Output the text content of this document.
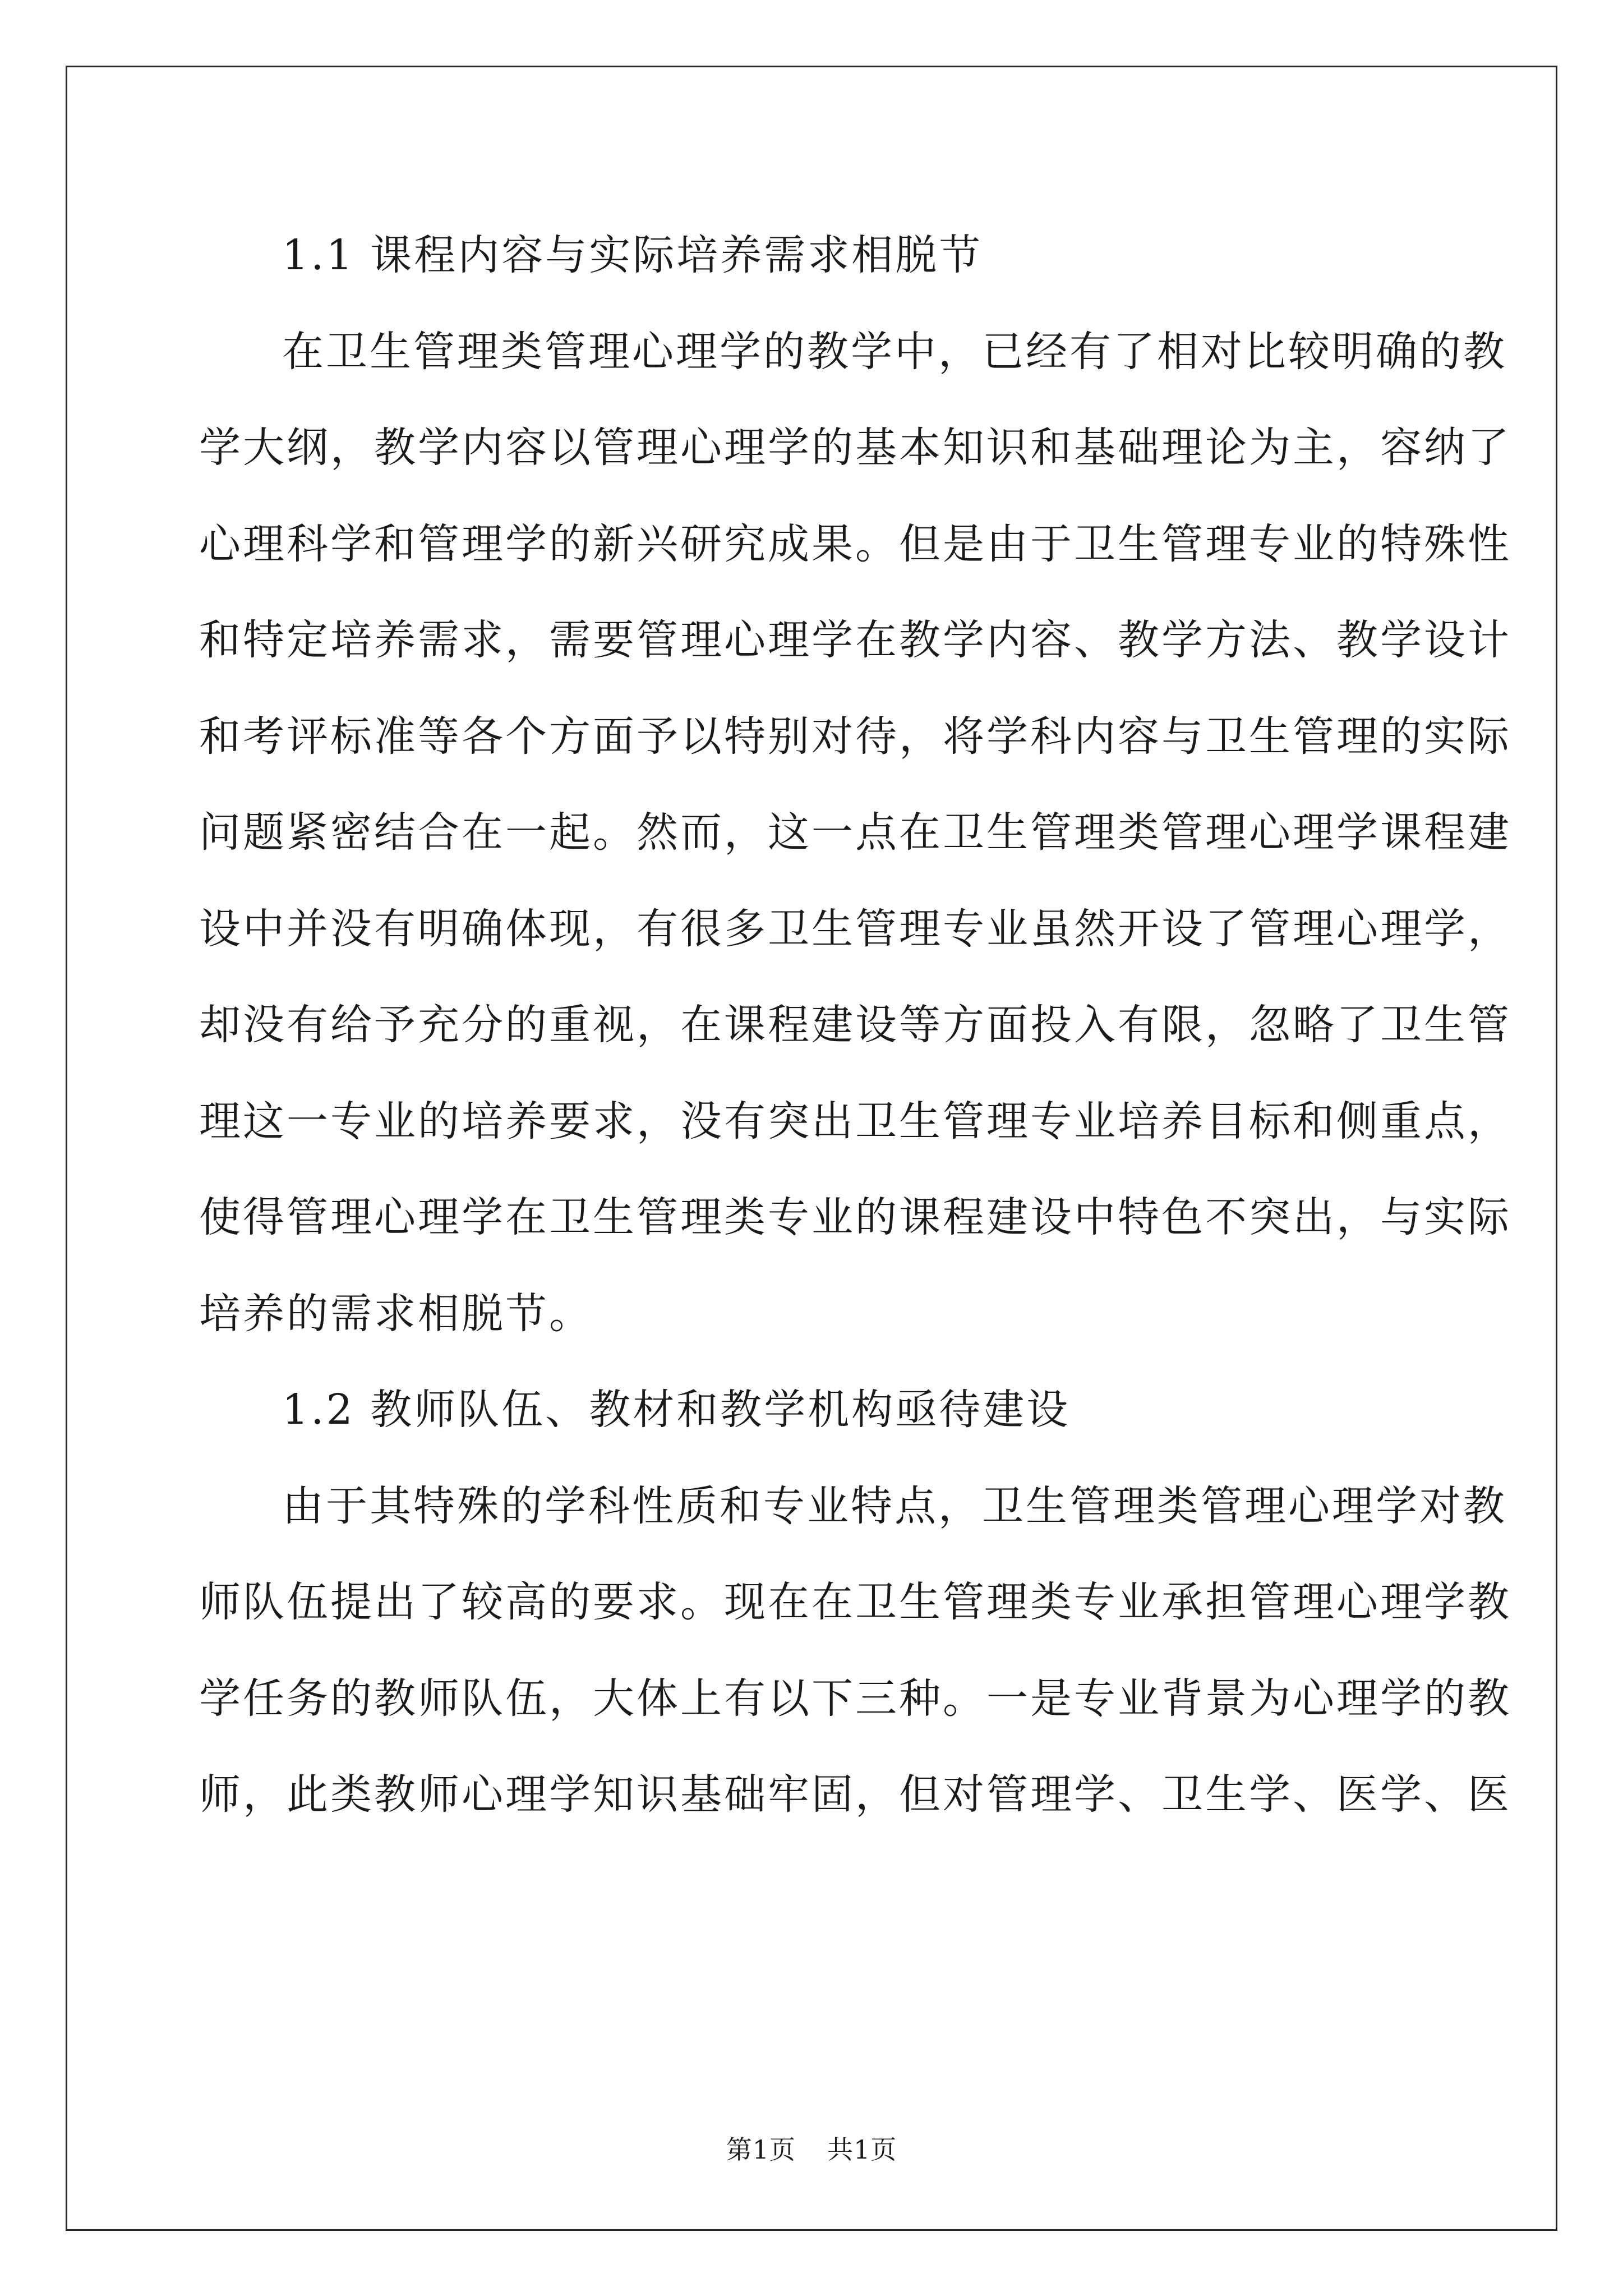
1.1 课程内容与实际培养需求相脱节
在卫生管理类管理心理学的教学中，已经有了相对比较明确的教
学大纲，教学内容以管理心理学的基本知识和基础理论为主，容纳了
心理科学和管理学的新兴研究成果。但是由于卫生管理专业的特殊性
和特定培养需求，需要管理心理学在教学内容、教学方法、教学设计
和考评标准等各个方面予以特别对待，将学科内容与卫生管理的实际
问题紧密结合在一起。然而，这一点在卫生管理类管理心理学课程建
设中并没有明确体现，有很多卫生管理专业虽然开设了管理心理学，
却没有给予充分的重视，在课程建设等方面投入有限，忽略了卫生管
理这一专业的培养要求，没有突出卫生管理专业培养目标和侧重点，
使得管理心理学在卫生管理类专业的课程建设中特色不突出，与实际
培养的需求相脱节。
1.2 教师队伍、教材和教学机构亟待建设
由于其特殊的学科性质和专业特点，卫生管理类管理心理学对教
师队伍提出了较高的要求。现在在卫生管理类专业承担管理心理学教
学任务的教师队伍，大体上有以下三种。一是专业背景为心理学的教
师，此类教师心理学知识基础牢固，但对管理学、卫生学、医学、医
第1页 共1页
